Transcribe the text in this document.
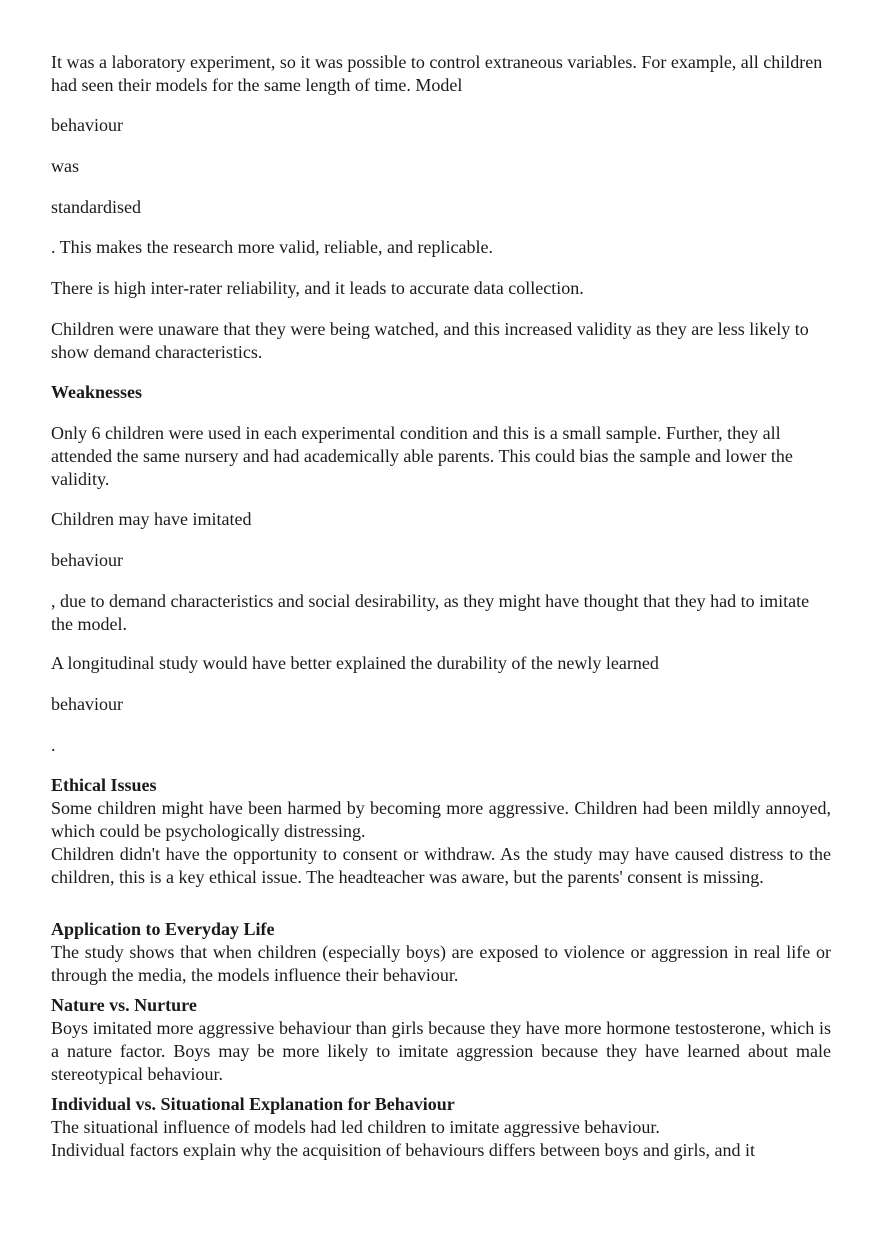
It was a laboratory experiment, so it was possible to control extraneous variables. For example, all children had seen their models for the same length of time. Model

behaviour

was

standardised

. This makes the research more valid, reliable, and replicable.

There is high inter-rater reliability, and it leads to accurate data collection.

Children were unaware that they were being watched, and this increased validity as they are less likely to show demand characteristics.

Weaknesses

Only 6 children were used in each experimental condition and this is a small sample. Further, they all attended the same nursery and had academically able parents. This could bias the sample and lower the validity.

Children may have imitated

behaviour

, due to demand characteristics and social desirability, as they might have thought that they had to imitate the model.

A longitudinal study would have better explained the durability of the newly learned

behaviour

.

Ethical Issues
Some children might have been harmed by becoming more aggressive. Children had been mildly annoyed, which could be psychologically distressing.
Children didn't have the opportunity to consent or withdraw. As the study may have caused distress to the children, this is a key ethical issue. The headteacher was aware, but the parents' consent is missing.
Application to Everyday Life
The study shows that when children (especially boys) are exposed to violence or aggression in real life or through the media, the models influence their behaviour.
Nature vs. Nurture
Boys imitated more aggressive behaviour than girls because they have more hormone testosterone, which is a nature factor. Boys may be more likely to imitate aggression because they have learned about male stereotypical behaviour.
Individual vs. Situational Explanation for Behaviour
The situational influence of models had led children to imitate aggressive behaviour.
Individual factors explain why the acquisition of behaviours differs between boys and girls, and it
